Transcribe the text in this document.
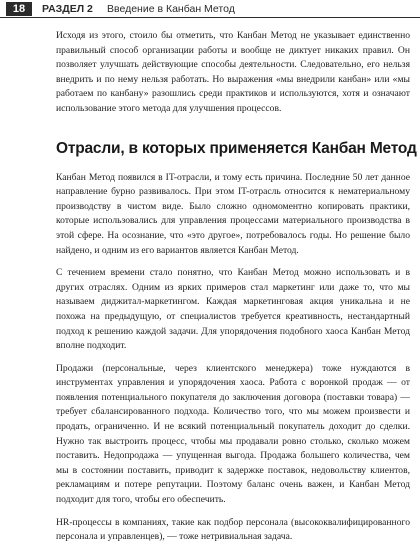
18	РАЗДЕЛ 2 Введение в Канбан Метод

Исходя из этого, стоило бы отметить, что Канбан Метод не указывает единственно правильный способ организации работы и вообще не диктует никаких правил. Он позволяет улучшать действующие способы деятельности. Следовательно, его нельзя внедрить и по нему нельзя работать. Но выражения «мы внедрили канбан» или «мы работаем по канбану» разошлись среди практиков и используются, хотя и означают использование этого метода для улучшения процессов.

Отрасли, в которых применяется Канбан Метод

Канбан Метод появился в IT-отрасли, и тому есть причина. Последние 50 лет данное направление бурно развивалось. При этом IT-отрасль относится к нематериальному производству в чистом виде. Было сложно одномоментно копировать практики, которые использовались для управления процессами материального производства в этой сфере. На осознание, что «это другое», потребовалось годы. Но решение было найдено, и одним из его вариантов является Канбан Метод.

С течением времени стало понятно, что Канбан Метод можно использовать и в других отраслях. Одним из ярких примеров стал маркетинг или даже то, что мы называем диджитал-маркетингом. Каждая маркетинговая акция уникальна и не похожа на предыдущую, от специалистов требуется креативность, нестандартный подход к решению каждой задачи. Для упорядочения подобного хаоса Канбан Метод вполне подходит.

Продажи (персональные, через клиентского менеджера) тоже нуждаются в инструментах управления и упорядочения хаоса. Работа с воронкой продаж — от появления потенциального покупателя до заключения договора (поставки товара) — требует сбалансированного подхода. Количество того, что мы можем произвести и продать, ограниченно. И не всякий потенциальный покупатель доходит до сделки. Нужно так выстроить процесс, чтобы мы продавали ровно столько, сколько можем поставить. Недопродажа — упущенная выгода. Продажа большего количества, чем мы в состоянии поставить, приводит к задержке поставок, недовольству клиентов, рекламациям и потере репутации. Поэтому баланс очень важен, и Канбан Метод подходит для того, чтобы его обеспечить.

HR-процессы в компаниях, такие как подбор персонала (высококвалифицированного персонала и управленцев), — тоже нетривиальная задача.
